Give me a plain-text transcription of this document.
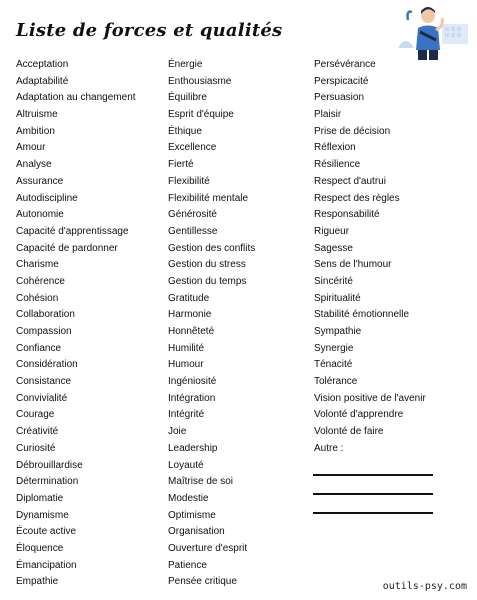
Liste de forces et qualités
Acceptation
Adaptabilité
Adaptation au changement
Altruisme
Ambition
Amour
Analyse
Assurance
Autodiscipline
Autonomie
Capacité d'apprentissage
Capacité de pardonner
Charisme
Cohérence
Cohésion
Collaboration
Compassion
Confiance
Considération
Consistance
Convivialité
Courage
Créativité
Curiosité
Débrouillardise
Détermination
Diplomatie
Dynamisme
Écoute active
Éloquence
Émancipation
Empathie
Énergie
Enthousiasme
Équilibre
Esprit d'équipe
Éthique
Excellence
Fierté
Flexibilité
Flexibilité mentale
Générosité
Gentillesse
Gestion des conflits
Gestion du stress
Gestion du temps
Gratitude
Harmonie
Honnêteté
Humilité
Humour
Ingéniosité
Intégration
Intégrité
Joie
Leadership
Loyauté
Maîtrise de soi
Modestie
Optimisme
Organisation
Ouverture d'esprit
Patience
Pensée critique
Persévérance
Perspicacité
Persuasion
Plaisir
Prise de décision
Réflexion
Résilience
Respect d'autrui
Respect des règles
Responsabilité
Rigueur
Sagesse
Sens de l'humour
Sincérité
Spiritualité
Stabilité émotionnelle
Sympathie
Synergie
Ténacité
Tolérance
Vision positive de l'avenir
Volonté d'apprendre
Volonté de faire
Autre :
outils-psy.com
